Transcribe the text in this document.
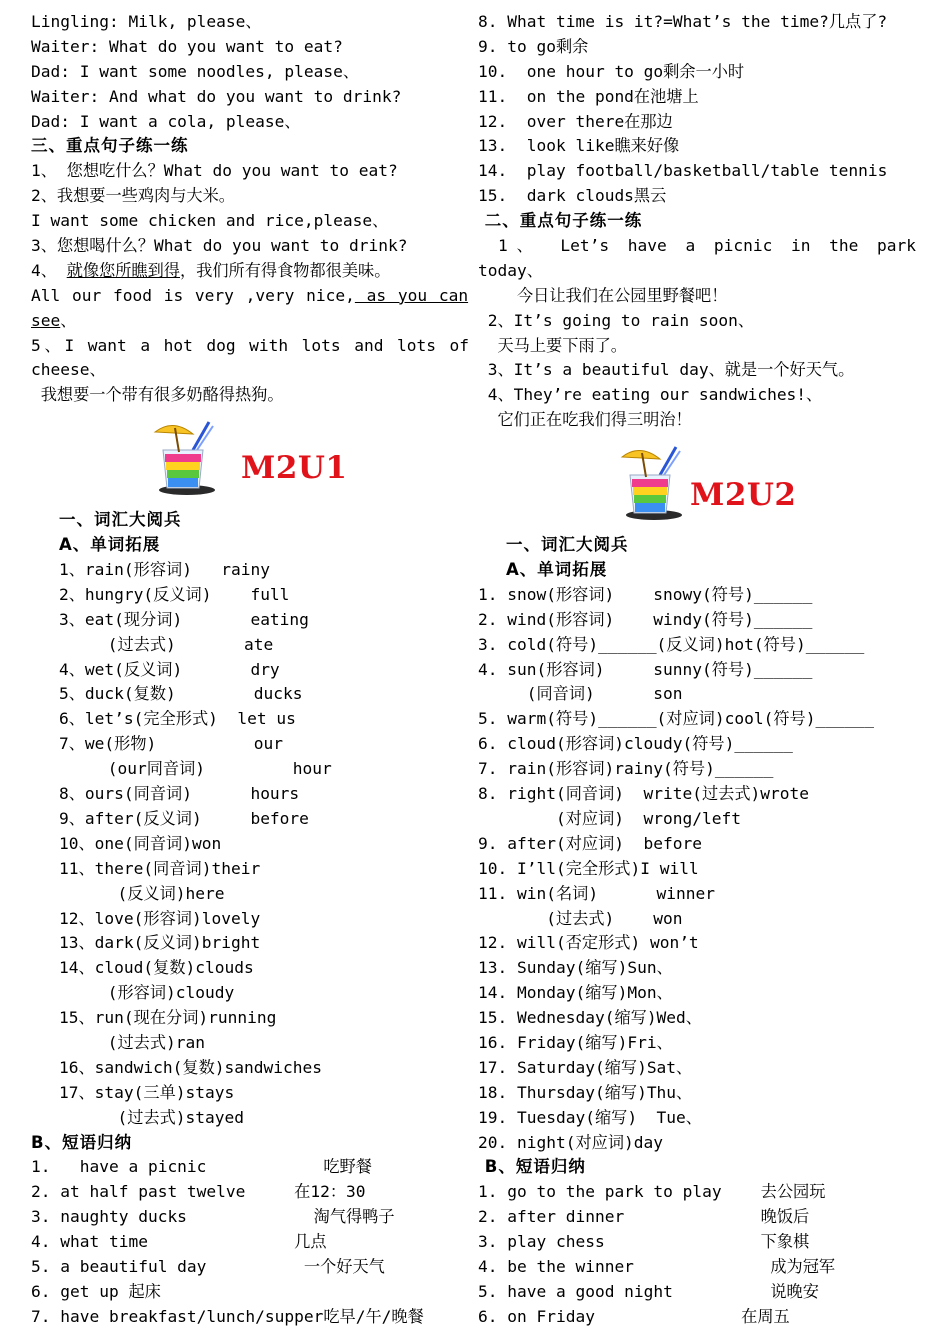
Lingling: Milk, please、
Waiter: What do you want to eat?
Dad: I want some noodles, please、
Waiter: And what do you want to drink?
Dad: I want a cola, please、
三、重点句子练一练
1、 您想吃什么？What do you want to eat?
2、我想要一些鸡肉与大米。
I want some chicken and rice,please、
3、您想喝什么？What do you want to drink?
4、 就像您所瞧到得，我们所有得食物都很美味。
All our food is very ,very nice, as you can
see、
5、I want a hot dog with lots and lots of
cheese、
我想要一个带有很多奶酪得热狗。
M2U1
一、词汇大阅兵
A、单词拓展
1、rain(形容词)   rainy
2、hungry(反义词)    full
3、eat(现分词)       eating
(过去式)       ate
4、wet(反义词)       dry
5、duck(复数)        ducks
6、let’s(完全形式)  let us
7、we(形物)          our
(our同音词)         hour
8、ours(同音词)      hours
9、after(反义词)     before
10、one(同音词)won
11、there(同音词)their
(反义词)here
12、love(形容词)lovely
13、dark(反义词)bright
14、cloud(复数)clouds
(形容词)cloudy
15、run(现在分词)running
(过去式)ran
16、sandwich(复数)sandwiches
17、stay(三单)stays
(过去式)stayed
B、短语归纳
1.   have a picnic            吃野餐
2. at half past twelve     在12：30
3. naughty ducks             淘气得鸭子
4. what time               几点
5. a beautiful day          一个好天气
6. get up 起床
7. have breakfast/lunch/supper吃早/午/晚餐
8. What time is it?=What’s the time?几点了?
9. to go剩余
10.  one hour to go剩余一小时
11.  on the pond在池塘上
12.  over there在那边
13.  look like瞧来好像
14.  play football/basketball/table tennis
15.  dark clouds黑云
二、重点句子练一练
1、 Let’s have a picnic in the park
today、
今日让我们在公园里野餐吧！
2、It’s going to rain soon、
天马上要下雨了。
3、It’s a beautiful day、就是一个好天气。
4、They’re eating our sandwiches!、
它们正在吃我们得三明治！
M2U2
一、词汇大阅兵
A、单词拓展
1. snow(形容词)    snowy(符号)______
2. wind(形容词)    windy(符号)______
3. cold(符号)______(反义词)hot(符号)______
4. sun(形容词)     sunny(符号)______
(同音词)      son
5. warm(符号)______(对应词)cool(符号)______
6. cloud(形容词)cloudy(符号)______
7. rain(形容词)rainy(符号)______
8. right(同音词)  write(过去式)wrote
(对应词)  wrong/left
9. after(对应词)  before
10. I’ll(完全形式)I will
11. win(名词)      winner
(过去式)    won
12. will(否定形式) won’t
13. Sunday(缩写)Sun、
14. Monday(缩写)Mon、
15. Wednesday(缩写)Wed、
16. Friday(缩写)Fri、
17. Saturday(缩写)Sat、
18. Thursday(缩写)Thu、
19. Tuesday(缩写)  Tue、
20. night(对应词)day
B、短语归纳
1. go to the park to play    去公园玩
2. after dinner              晚饭后
3. play chess                下象棋
4. be the winner              成为冠军
5. have a good night          说晚安
6. on Friday               在周五
